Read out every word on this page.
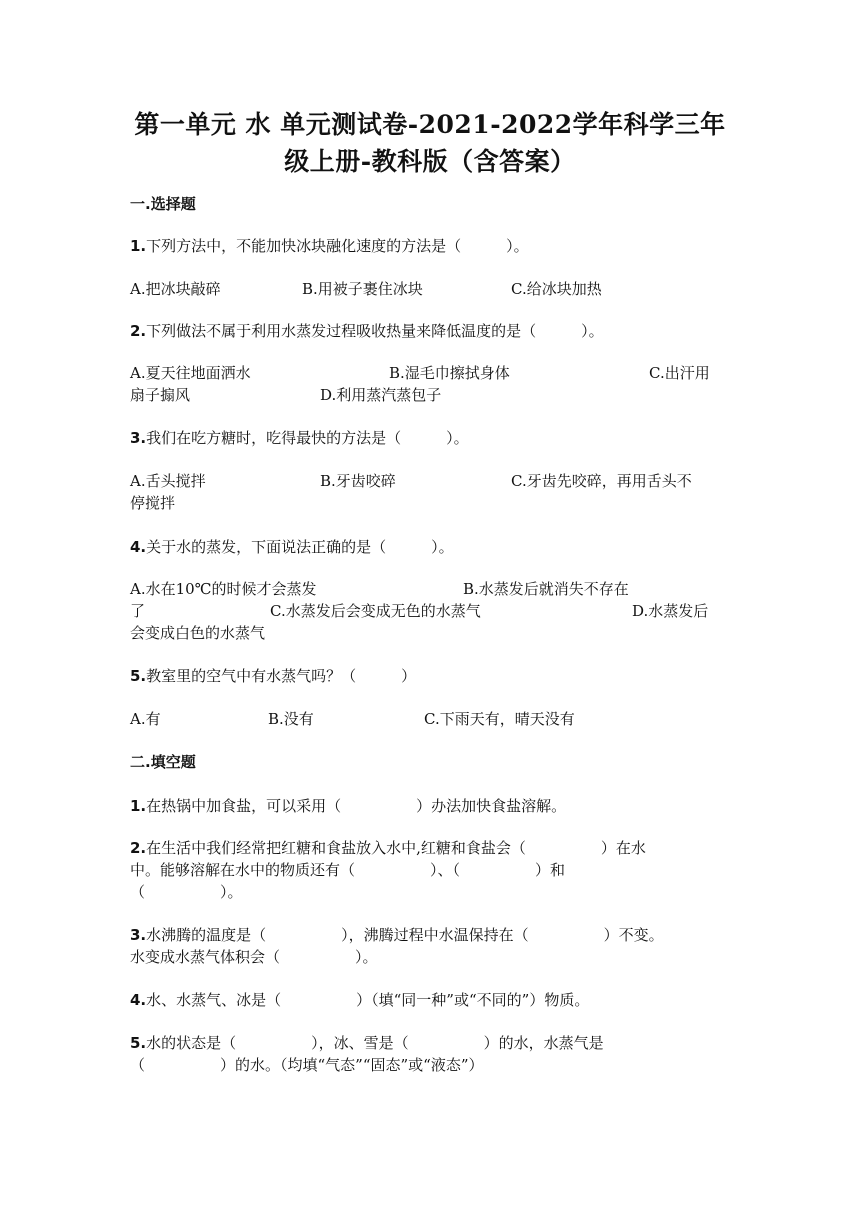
第一单元 水 单元测试卷-2021-2022学年科学三年
级上册-教科版（含答案）
一.选择题
1.下列方法中，不能加快冰块融化速度的方法是（　　　）。
A.把冰块敲碎	B.用被子裹住冰块	C.给冰块加热
2.下列做法不属于利用水蒸发过程吸收热量来降低温度的是（　　　）。
A.夏天往地面洒水	B.湿毛巾擦拭身体	C.出汗用
扇子搧风	D.利用蒸汽蒸包子
3.我们在吃方糖时，吃得最快的方法是（　　　）。
A.舌头搅拌	B.牙齿咬碎	C.牙齿先咬碎，再用舌头不
停搅拌
4.关于水的蒸发，下面说法正确的是（　　　）。
A.水在10℃的时候才会蒸发	B.水蒸发后就消失不存在
了	C.水蒸发后会变成无色的水蒸气	D.水蒸发后
会变成白色的水蒸气
5.教室里的空气中有水蒸气吗？（　　　）
A.有	B.没有	C.下雨天有，晴天没有
二.填空题
1.在热锅中加食盐，可以采用（　　　　　）办法加快食盐溶解。
2.在生活中我们经常把红糖和食盐放入水中,红糖和食盐会（　　　　　）在水
中。能够溶解在水中的物质还有（　　　　　）、（　　　　　）和
（　　　　　）。
3.水沸腾的温度是（　　　　　），沸腾过程中水温保持在（　　　　　）不变。
水变成水蒸气体积会（　　　　　）。
4.水、水蒸气、冰是（　　　　　）（填“同一种”或“不同的”）物质。
5.水的状态是（　　　　　），冰、雪是（　　　　　）的水，水蒸气是
（　　　　　）的水。（均填“气态”“固态”或“液态”）
